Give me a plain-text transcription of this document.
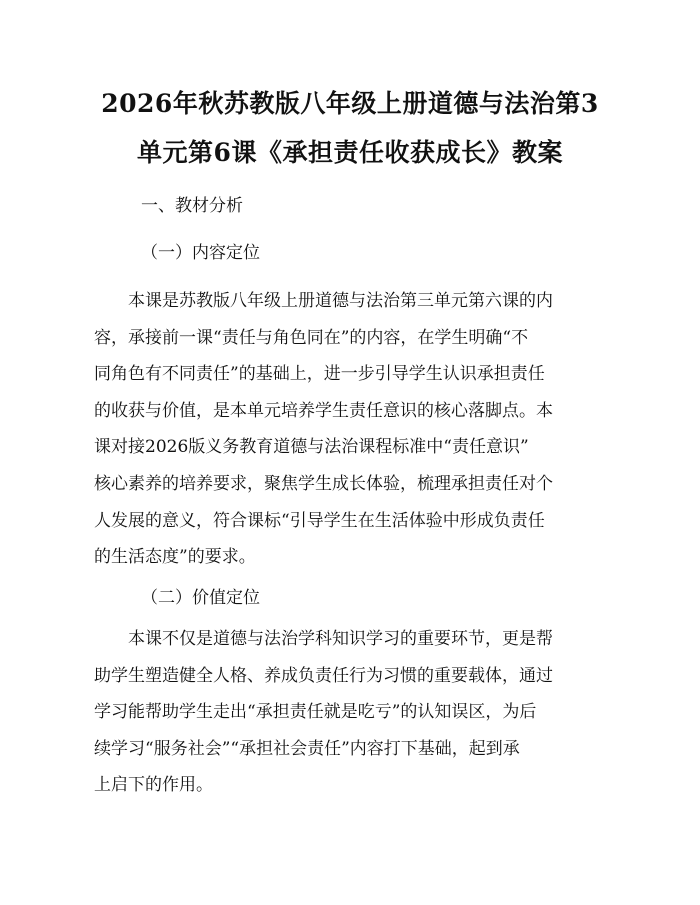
2026年秋苏教版八年级上册道德与法治第3
单元第6课《承担责任收获成长》教案
一、教材分析
（一）内容定位
　　本课是苏教版八年级上册道德与法治第三单元第六课的内
容，承接前一课“责任与角色同在”的内容，在学生明确“不
同角色有不同责任”的基础上，进一步引导学生认识承担责任
的收获与价值，是本单元培养学生责任意识的核心落脚点。本
课对接2026版义务教育道德与法治课程标准中“责任意识”
核心素养的培养要求，聚焦学生成长体验，梳理承担责任对个
人发展的意义，符合课标“引导学生在生活体验中形成负责任
的生活态度”的要求。
（二）价值定位
　　本课不仅是道德与法治学科知识学习的重要环节，更是帮
助学生塑造健全人格、养成负责任行为习惯的重要载体，通过
学习能帮助学生走出“承担责任就是吃亏”的认知误区，为后
续学习“服务社会”“承担社会责任”内容打下基础，起到承
上启下的作用。
